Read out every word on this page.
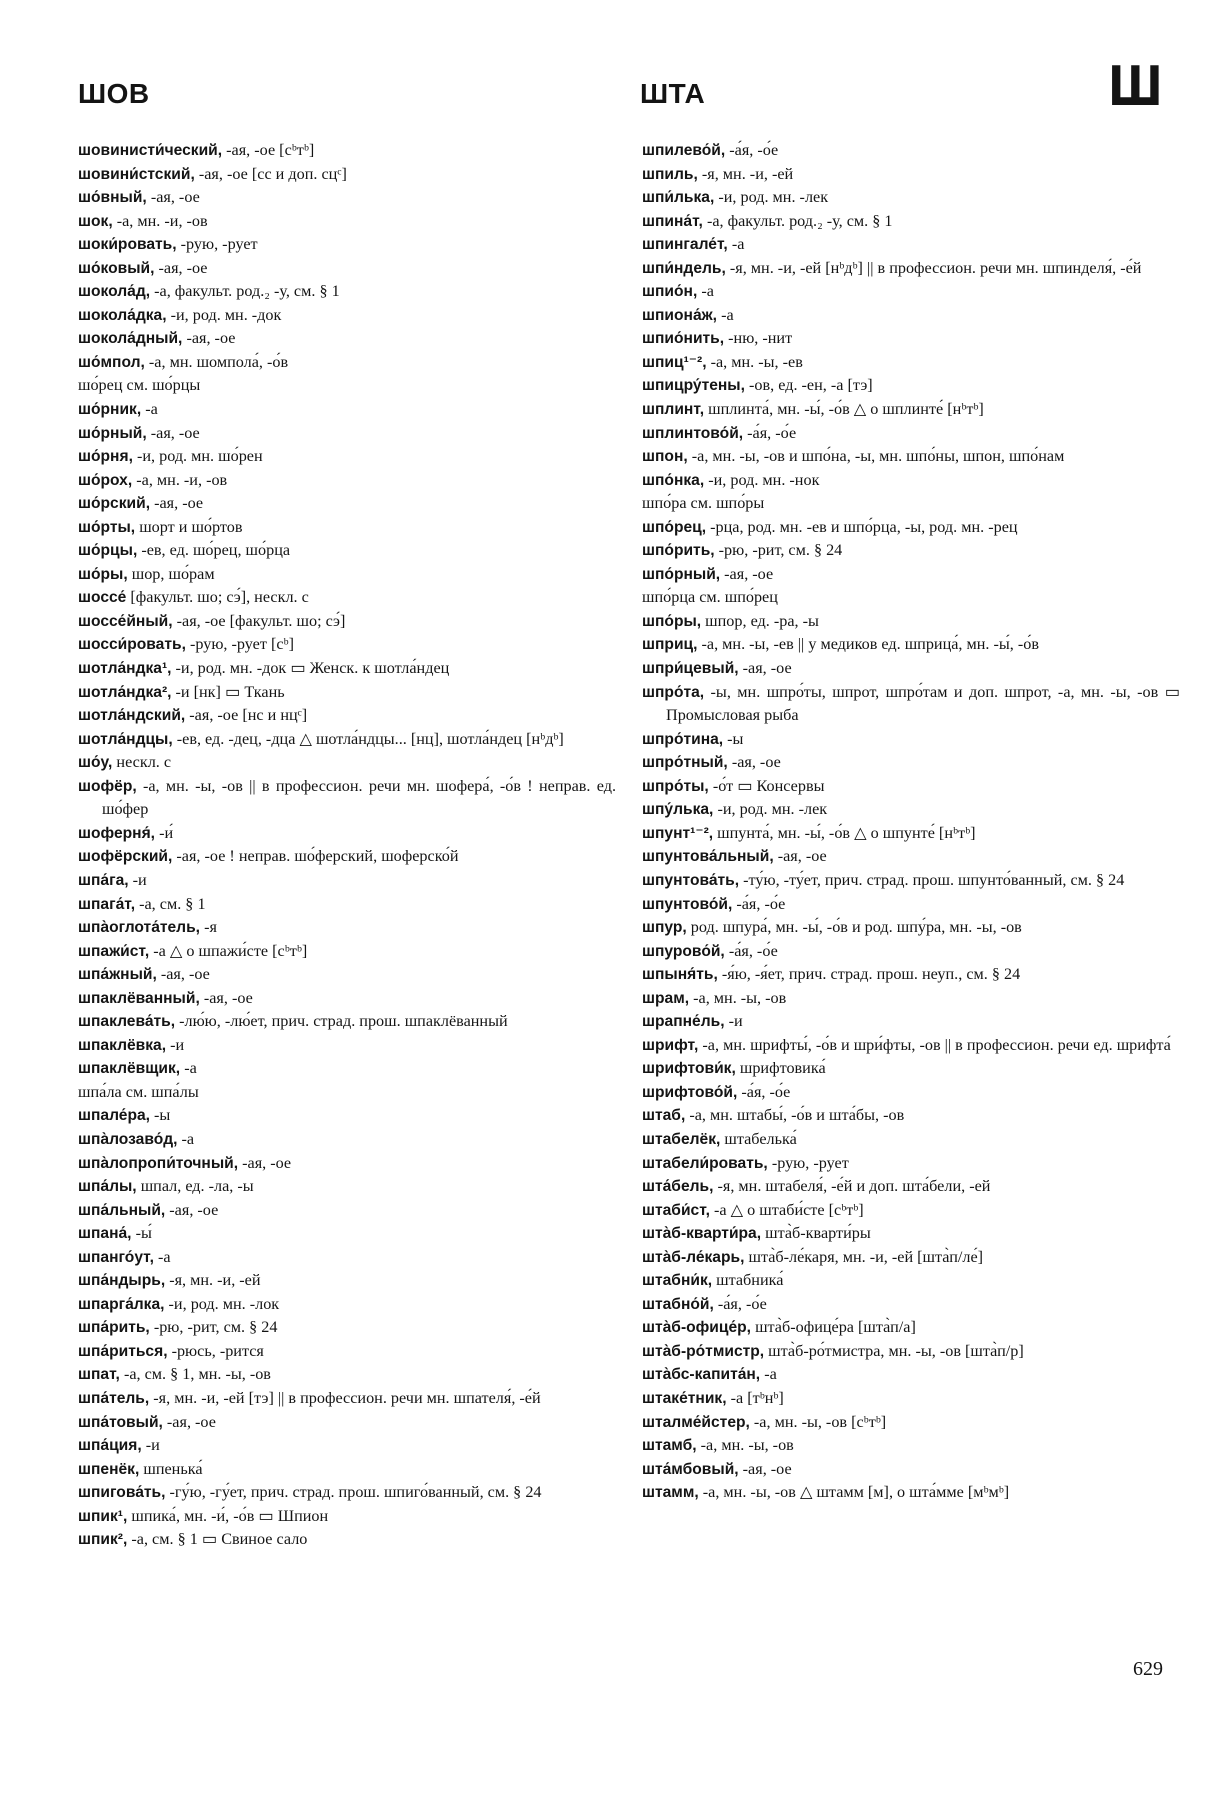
ШОВ	ШТА	Ш
шовинисти́ческий, -ая, -ое [сᵇтᵇ]
шовини́стский, -ая, -ое [сс и доп. сцᶜ]
шо́вный, -ая, -ое
шок, -а, мн. -и, -ов
шоки́ровать, -рую, -рует
шо́ковый, -ая, -ое
шокола́д, -а, факульт. род.₂ -у, см. § 1
шокола́дка, -и, род. мн. -док
шокола́дный, -ая, -ое
шо́мпол, -а, мн. шомпола́, -о́в
шо́рец см. шо́рцы
шо́рник, -а
шо́рный, -ая, -ое
шо́рня, -и, род. мн. шо́рен
шо́рох, -а, мн. -и, -ов
шо́рский, -ая, -ое
шо́рты, шорт и шо́ртов
шо́рцы, -ев, ед. шо́рец, шо́рца
шо́ры, шор, шо́рам
шоссе́ [факульт. шо; сэ́], нескл. с
шоссе́йный, -ая, -ое [факульт. шо; сэ́]
шосси́ровать, -рую, -рует [сᵇ]
шотла́ндка¹, -и, род. мн. -док ▭ Женск. к шотла́ндец
шотла́ндка², -и [нк] ▭ Ткань
шотла́ндский, -ая, -ое [нс и нцᶜ]
шотла́ндцы, -ев, ед. -дец, -дца △ шотла́ндцы... [нц], шотла́ндец [нᵇдᵇ]
шо́у, нескл. с
шофёр, -а, мн. -ы, -ов || в профессион. речи мн. шофера́, -о́в ! неправ. ед. шо́фер
шоферня́, -и́
шофёрский, -ая, -ое ! неправ. шо́ферский, шоферско́й
шпа́га, -и
шпага́т, -а, см. § 1
шпа̀оглота́тель, -я
шпажи́ст, -а △ о шпажи́сте [сᵇтᵇ]
шпа́жный, -ая, -ое
шпаклёванный, -ая, -ое
шпаклева́ть, -лю́ю, -лю́ет, прич. страд. прош. шпаклёванный
шпаклёвка, -и
шпаклёвщик, -а
шпа́ла см. шпа́лы
шпале́ра, -ы
шпа̀лозаво́д, -а
шпа̀лопропи́точный, -ая, -ое
шпа́лы, шпал, ед. -ла, -ы
шпа́льный, -ая, -ое
шпана́, -ы́
шпанго́ут, -а
шпа́ндырь, -я, мн. -и, -ей
шпарга́лка, -и, род. мн. -лок
шпа́рить, -рю, -рит, см. § 24
шпа́риться, -рюсь, -рится
шпат, -а, см. § 1, мн. -ы, -ов
шпа́тель, -я, мн. -и, -ей [тэ] || в профессион. речи мн. шпателя́, -е́й
шпа́товый, -ая, -ое
шпа́ция, -и
шпенёк, шпенька́
шпигова́ть, -гу́ю, -гу́ет, прич. страд. прош. шпиго́ванный, см. § 24
шпик¹, шпика́, мн. -и́, -о́в ▭ Шпион
шпик², -а, см. § 1 ▭ Свиное сало
шпилево́й, -а́я, -о́е
шпиль, -я, мн. -и, -ей
шпи́лька, -и, род. мн. -лек
шпина́т, -а, факульт. род.₂ -у, см. § 1
шпингале́т, -а
шпи́ндель, -я, мн. -и, -ей [нᵇдᵇ] || в профессион. речи мн. шпинделя́, -е́й
шпио́н, -а
шпиона́ж, -а
шпио́нить, -ню, -нит
шпиц¹⁻², -а, мн. -ы, -ев
шпицру́тены, -ов, ед. -ен, -а [тэ]
шплинт, шплинта́, мн. -ы́, -о́в △ о шплинте́ [нᵇтᵇ]
шплинтово́й, -а́я, -о́е
шпон, -а, мн. -ы, -ов и шпо́на, -ы, мн. шпо́ны, шпон, шпо́нам
шпо́нка, -и, род. мн. -нок
шпо́ра см. шпо́ры
шпо́рец, -рца, род. мн. -ев и шпо́рца, -ы, род. мн. -рец
шпо́рить, -рю, -рит, см. § 24
шпо́рный, -ая, -ое
шпо́рца см. шпо́рец
шпо́ры, шпор, ед. -ра, -ы
шприц, -а, мн. -ы, -ев || у медиков ед. шприца́, мн. -ы́, -о́в
шпри́цевый, -ая, -ое
шпро́та, -ы, мн. шпро́ты, шпрот, шпро́там и доп. шпрот, -а, мн. -ы, -ов ▭ Промысловая рыба
шпро́тина, -ы
шпро́тный, -ая, -ое
шпро́ты, -о́т ▭ Консервы
шпу́лька, -и, род. мн. -лек
шпунт¹⁻², шпунта́, мн. -ы́, -о́в △ о шпунте́ [нᵇтᵇ]
шпунтова́льный, -ая, -ое
шпунтова́ть, -ту́ю, -ту́ет, прич. страд. прош. шпунто́ванный, см. § 24
шпунтово́й, -а́я, -о́е
шпур, род. шпура́, мн. -ы́, -о́в и род. шпу́ра, мн. -ы, -ов
шпурово́й, -а́я, -о́е
шпыня́ть, -я́ю, -я́ет, прич. страд. прош. неуп., см. § 24
шрам, -а, мн. -ы, -ов
шрапне́ль, -и
шрифт, -а, мн. шрифты́, -о́в и шри́фты, -ов || в профессион. речи ед. шрифта́
шрифтови́к, шрифтовика́
шрифтово́й, -а́я, -о́е
штаб, -а, мн. штабы́, -о́в и шта́бы, -ов
штабелёк, штабелька́
штабели́ровать, -рую, -рует
шта́бель, -я, мн. штабеля́, -е́й и доп. шта́бели, -ей
штаби́ст, -а △ о штаби́сте [сᵇтᵇ]
шта̀б-кварти́ра, шта̀б-кварти́ры
шта̀б-ле́карь, шта̀б-ле́каря, мн. -и, -ей [шта̀п/ле́]
штабни́к, штабника́
штабно́й, -а́я, -о́е
шта̀б-офице́р, шта̀б-офице́ра [шта̀п/а]
шта̀б-ро́тмистр, шта̀б-ро́тмистра, мн. -ы, -ов [шта̀п/р]
шта̀бс-капита́н, -а
штаке́тник, -а [тᵇнᵇ]
шталме́йстер, -а, мн. -ы, -ов [сᵇтᵇ]
штамб, -а, мн. -ы, -ов
шта́мбовый, -ая, -ое
штамм, -а, мн. -ы, -ов △ штамм [м], о шта́мме [мᵇмᵇ]
629
